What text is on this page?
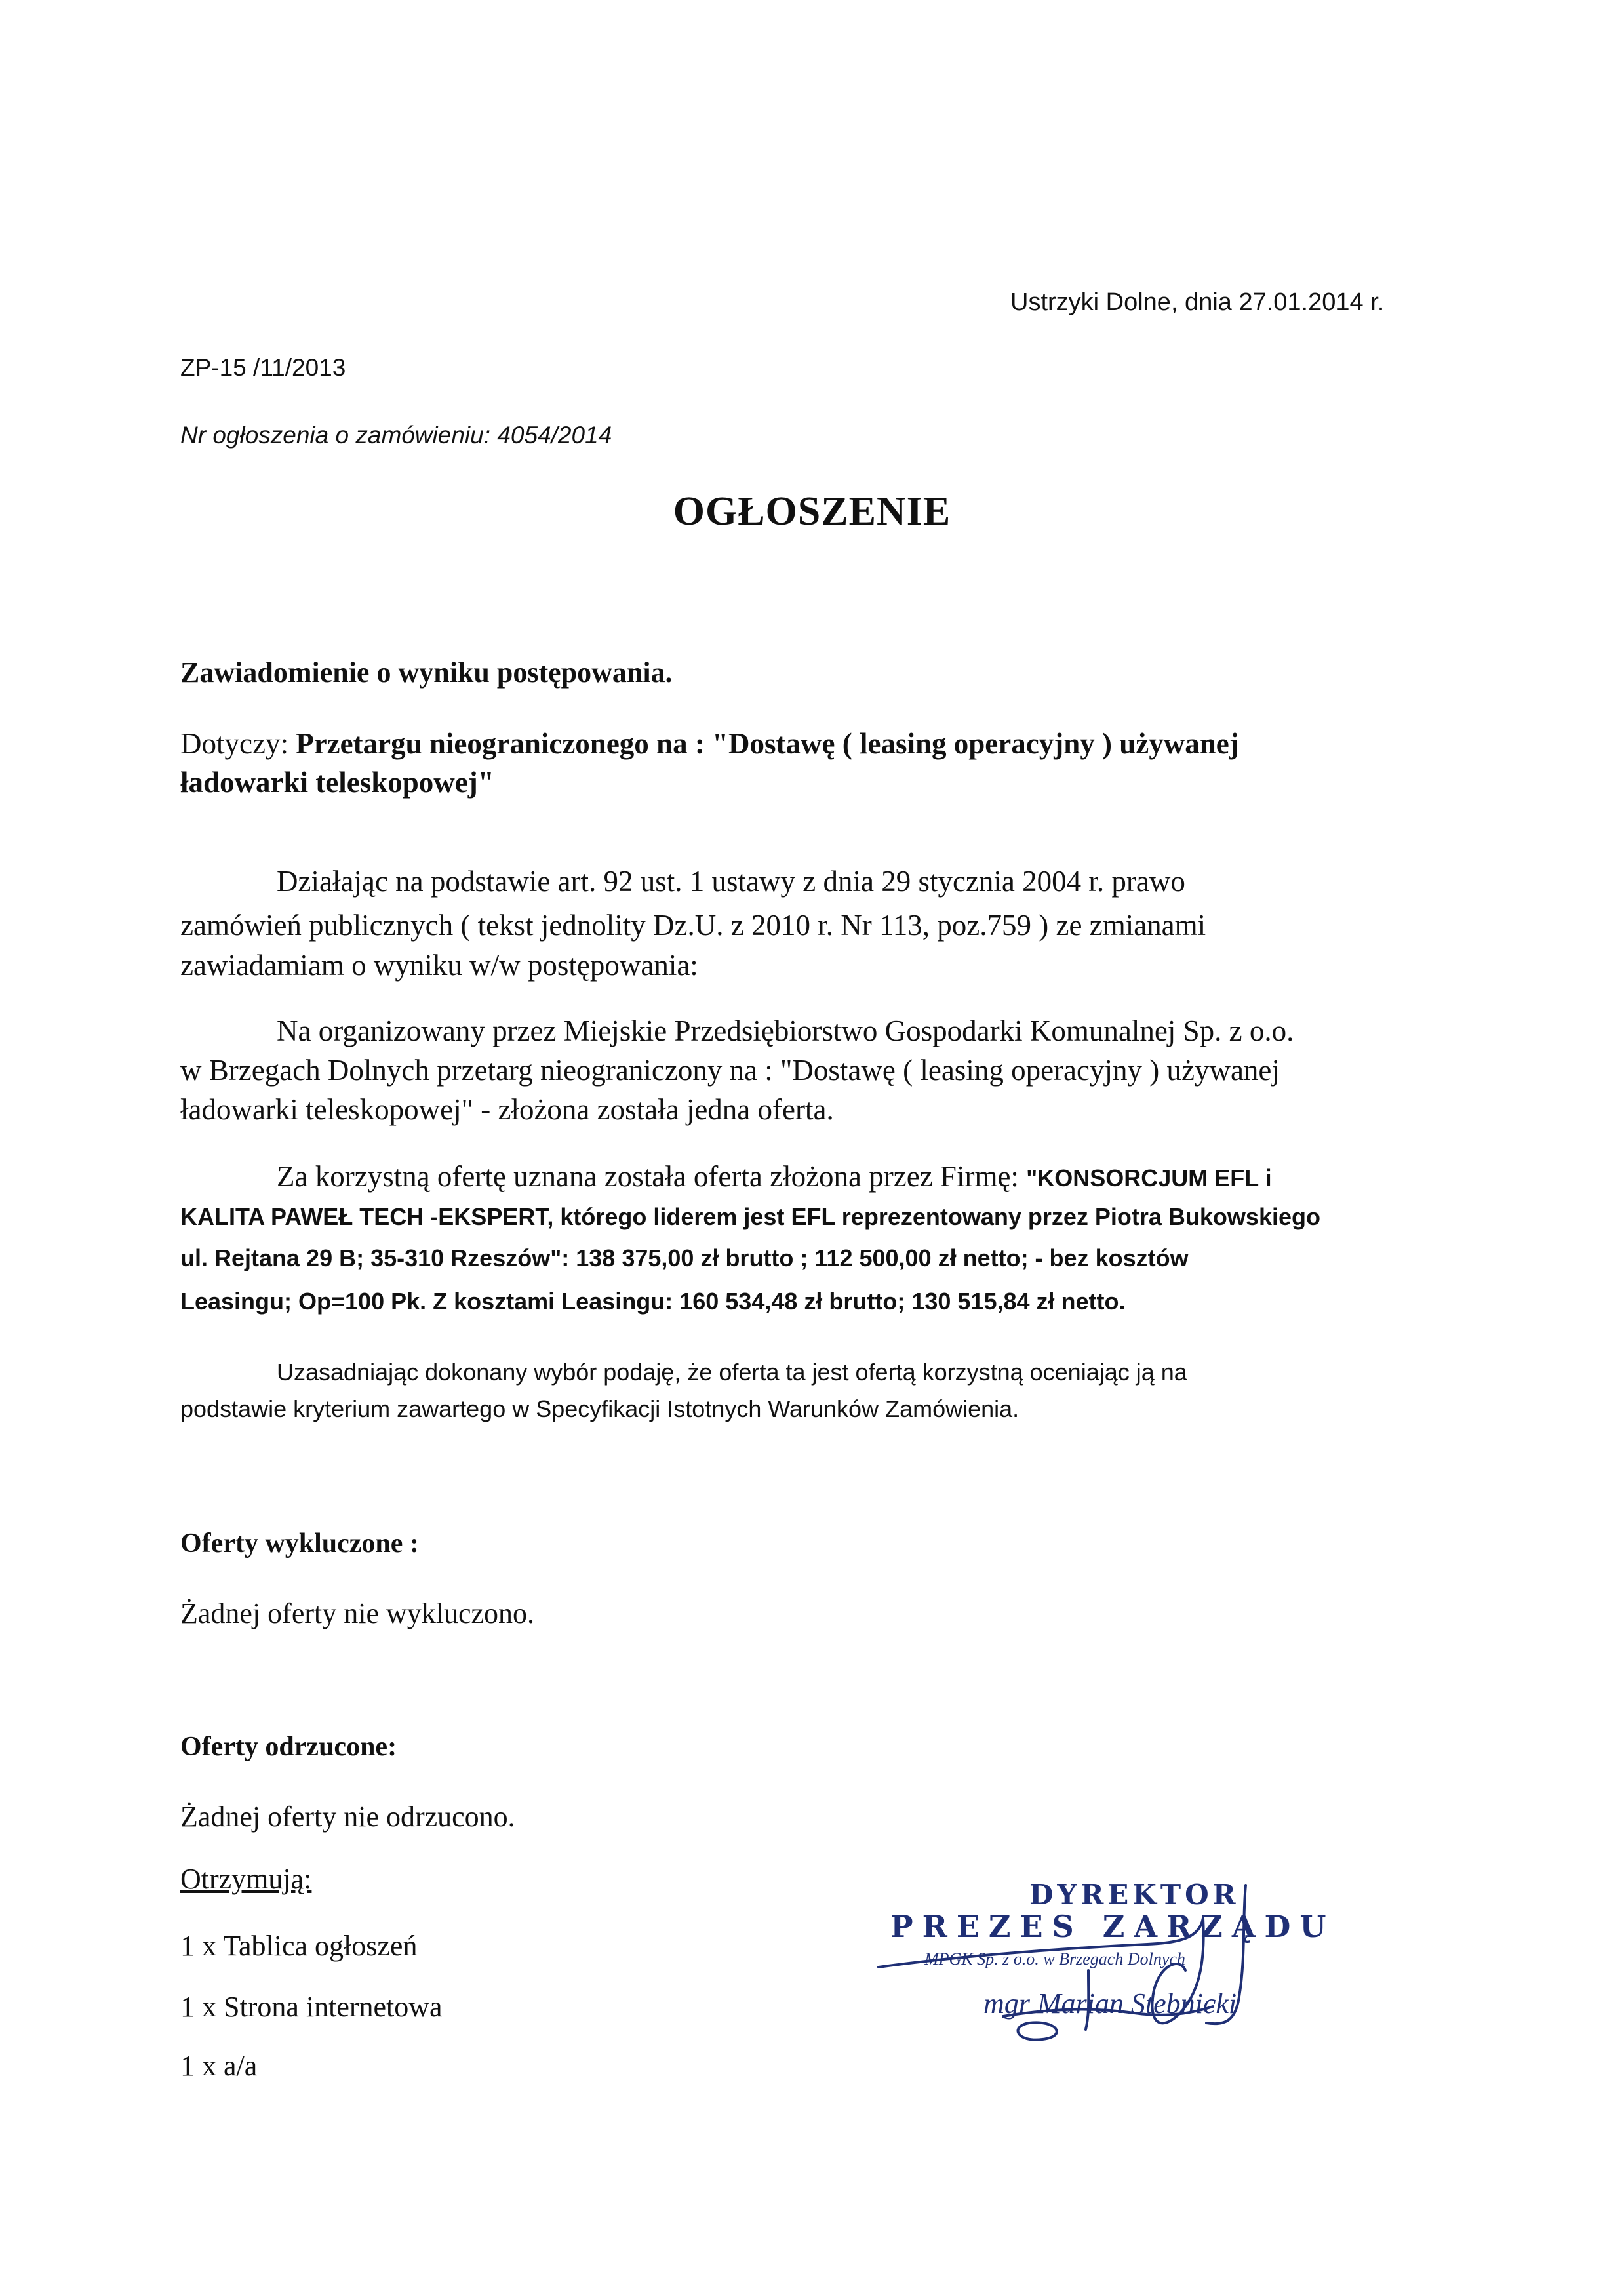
Ustrzyki Dolne, dnia 27.01.2014 r.
ZP-15 /11/2013
Nr ogłoszenia o zamówieniu: 4054/2014
OGŁOSZENIE
Zawiadomienie o wyniku postępowania.
Dotyczy: Przetargu nieograniczonego na : "Dostawę ( leasing operacyjny ) używanej
ładowarki teleskopowej"
Działając na podstawie art. 92 ust. 1 ustawy z dnia 29 stycznia 2004 r. prawo
zamówień publicznych ( tekst jednolity Dz.U. z 2010 r. Nr 113, poz.759 ) ze zmianami
zawiadamiam o wyniku w/w postępowania:
Na organizowany przez Miejskie Przedsiębiorstwo Gospodarki Komunalnej Sp. z o.o.
w Brzegach Dolnych przetarg nieograniczony na : "Dostawę ( leasing operacyjny ) używanej
ładowarki teleskopowej" - złożona została jedna oferta.
Za korzystną ofertę uznana została oferta złożona przez Firmę: "KONSORCJUM EFL i
KALITA PAWEŁ TECH -EKSPERT, którego liderem jest EFL reprezentowany przez Piotra Bukowskiego
ul. Rejtana 29 B; 35-310 Rzeszów": 138 375,00 zł brutto ; 112 500,00 zł netto; - bez kosztów
Leasingu; Op=100 Pk. Z kosztami Leasingu: 160 534,48 zł brutto; 130 515,84 zł netto.
Uzasadniając dokonany wybór podaję, że oferta ta jest ofertą korzystną oceniając ją na
podstawie kryterium zawartego w Specyfikacji Istotnych Warunków Zamówienia.
Oferty wykluczone :
Żadnej oferty nie wykluczono.
Oferty odrzucone:
Żadnej oferty nie odrzucono.
Otrzymują:
1 x Tablica ogłoszeń
1 x Strona internetowa
1 x a/a
DYREKTOR
PREZES ZARZĄDU
MPGK Sp. z o.o. w Brzegach Dolnych
mgr Marian Stebnicki
